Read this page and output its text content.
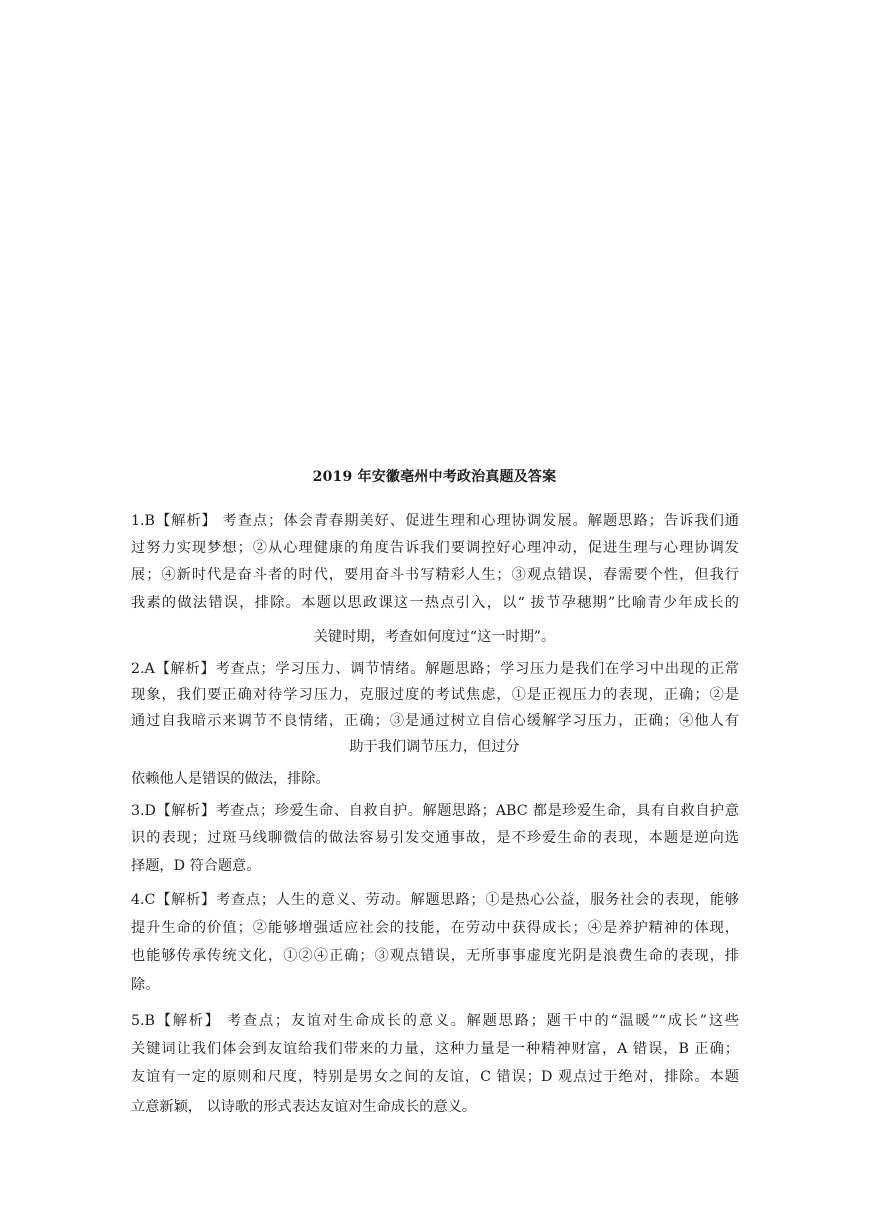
2019 年安徽亳州中考政治真题及答案
1.B【解析】 考查点；体会青春期美好、促进生理和心理协调发展。解题思路；告诉我们通
过努力实现梦想；②从心理健康的角度告诉我们要调控好心理冲动，促进生理与心理协调发
展；④新时代是奋斗者的时代，要用奋斗书写精彩人生；③观点错误，春需要个性，但我行
我素的做法错误，排除。本题以思政课这一热点引入，以“ 拔节孕穗期”比喻青少年成长的
关键时期，考查如何度过“这一时期”。
2.A【解析】考查点；学习压力、调节情绪。解题思路；学习压力是我们在学习中出现的正常
现象，我们要正确对待学习压力，克服过度的考试焦虑，①是正视压力的表现，正确；②是
通过自我暗示来调节不良情绪，正确；③是通过树立自信心缓解学习压力，正确；④他人有
助于我们调节压力，但过分
依赖他人是错误的做法，排除。
3.D【解析】考查点；珍爱生命、自救自护。解题思路；ABC 都是珍爱生命，具有自救自护意
识的表现；过斑马线聊微信的做法容易引发交通事故，是不珍爱生命的表现，本题是逆向选
择题，D 符合题意。
4.C【解析】考查点；人生的意义、劳动。解题思路；①是热心公益，服务社会的表现，能够
提升生命的价值；②能够增强适应社会的技能，在劳动中获得成长；④是养护精神的体现，
也能够传承传统文化，①②④正确；③观点错误，无所事事虚度光阴是浪费生命的表现，排
除。
5.B【解析】 考查点；友谊对生命成长的意义。解题思路；题干中的“温暖”“成长”这些
关键词让我们体会到友谊给我们带来的力量，这种力量是一种精神财富，A 错误，B 正确；
友谊有一定的原则和尺度，特别是男女之间的友谊，C 错误；D 观点过于绝对，排除。本题
立意新颖， 以诗歌的形式表达友谊对生命成长的意义。
